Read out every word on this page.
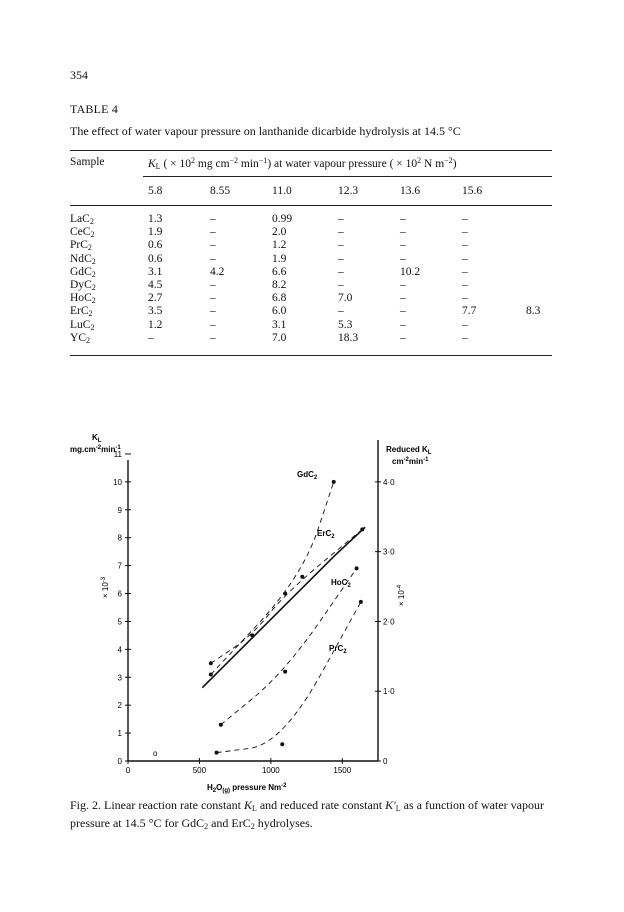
354
TABLE 4
The effect of water vapour pressure on lanthanide dicarbide hydrolysis at 14.5 °C
Sample	$K_L$ ( × $10^2$ mg $cm^{-2}$ $\min^{-1}$) at water vapour pressure ( × $10^2$ N $m^{-2}$)
5.8	8.55	11.0	12.3	13.6	15.6
LaC$_2$	1.3	–	0.99	–	–	–
CeC$_2$	1.9	–	2.0	–	–	–
PrC$_2$	0.6	–	1.2	–	–	–
NdC$_2$	0.6	–	1.9	–	–	–
GdC$_2$	3.1	4.2	6.6	–	10.2	–
DyC$_2$	4.5	–	8.2	–	–	–
HoC$_2$	2.7	–	6.8	7.0	–	–
ErC$_2$	3.5	–	6.0	–	–	7.7	8.3
LuC$_2$	1.2	–	3.1	5.3	–	–
$YC_2$	–	–	7.0	18.3	–	–
0
1
2
3
4
5
6
7
8
9
10
11
0
1·0
2·0
3·0
4·0
0	500	1000	1500
$K_L$
$mg.cm^{-2}\min^{-1}$
× $10^{-3}$
Reduced $K_L$
$cm^{-2}\min^{-1}$
× $10^{-4}$
$H_2O_{(g)}$ pressure $Nm^{-2}$
o
GdC$_2$
ErC$_2$
HoC$_2$
PrC$_2$
Fig. 2. Linear reaction rate constant $K_L$ and reduced rate constant $K'_L$ as a function of water vapour pressure at 14.5 °C for GdC$_2$ and ErC$_2$ hydrolyses.
